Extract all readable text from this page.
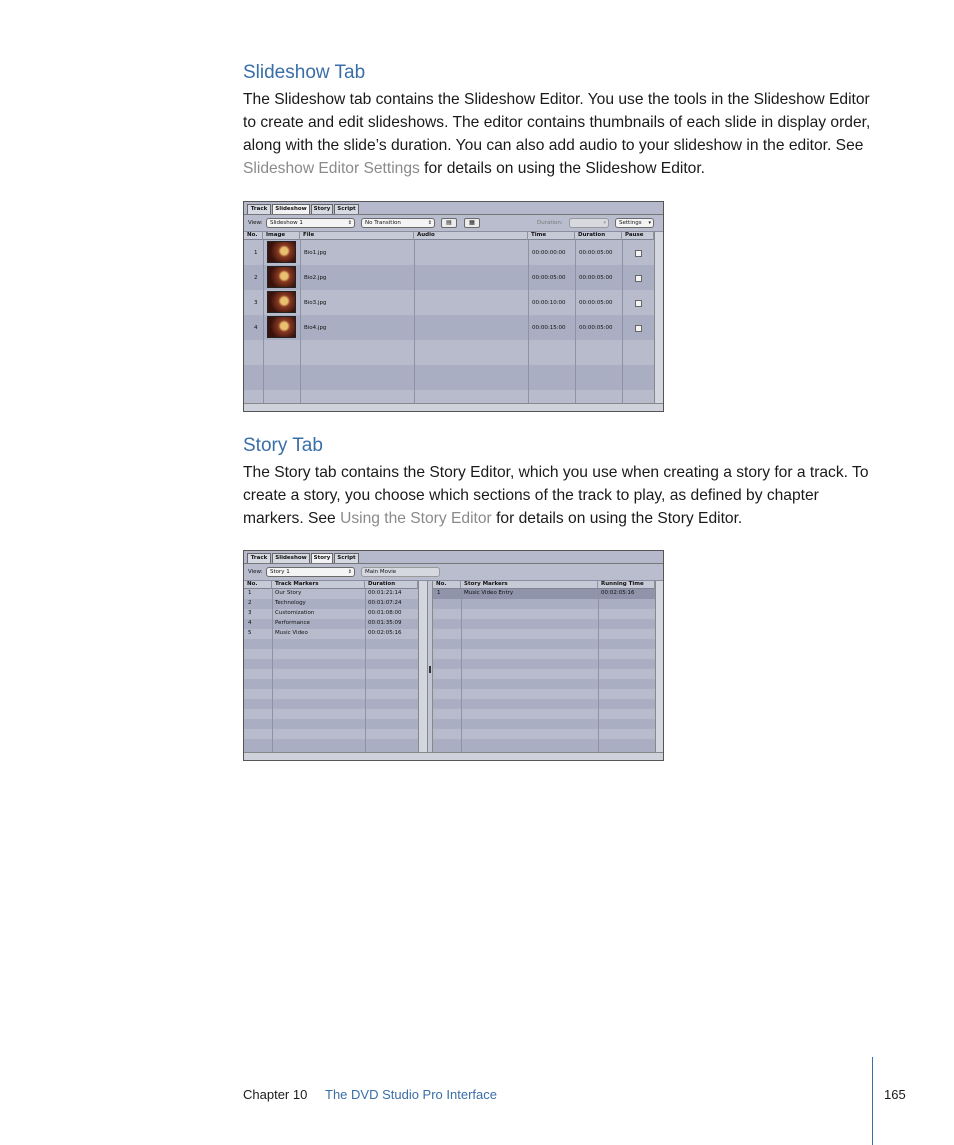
Slideshow Tab
The Slideshow tab contains the Slideshow Editor. You use the tools in the Slideshow Editor to create and edit slideshows. The editor contains thumbnails of each slide in display order, along with the slide’s duration. You can also add audio to your slideshow in the editor. See Slideshow Editor Settings for details on using the Slideshow Editor.
Track	Slideshow	Story	Script
View:	Slideshow 1	⇕	No Transition	⇕	▤	▦	Duration:	▾	Settings ▾
No.	Image	File	Audio	Time	Duration	Pause
1	Bio1.jpg	00:00:00:00 00:00:05:00
2	Bio2.jpg	00:00:05:00 00:00:05:00
3	Bio3.jpg	00:00:10:00 00:00:05:00
4	Bio4.jpg	00:00:15:00 00:00:05:00
Story Tab
The Story tab contains the Story Editor, which you use when creating a story for a track. To create a story, you choose which sections of the track to play, as defined by chapter markers. See Using the Story Editor for details on using the Story Editor.
Track	Slideshow	Story	Script
View:	Story 1	⇕	Main Movie
No.	Track Markers	Duration
1	Our Story	00:01:21:14
2	Technology	00:01:07:24
3	Customization	00:01:08:00
4	Performance	00:01:35:09
5	Music Video	00:02:05:16
No.	Story Markers	Running Time
1	Music Video Entry	00:02:05:16
Chapter 10 The DVD Studio Pro Interface	165
